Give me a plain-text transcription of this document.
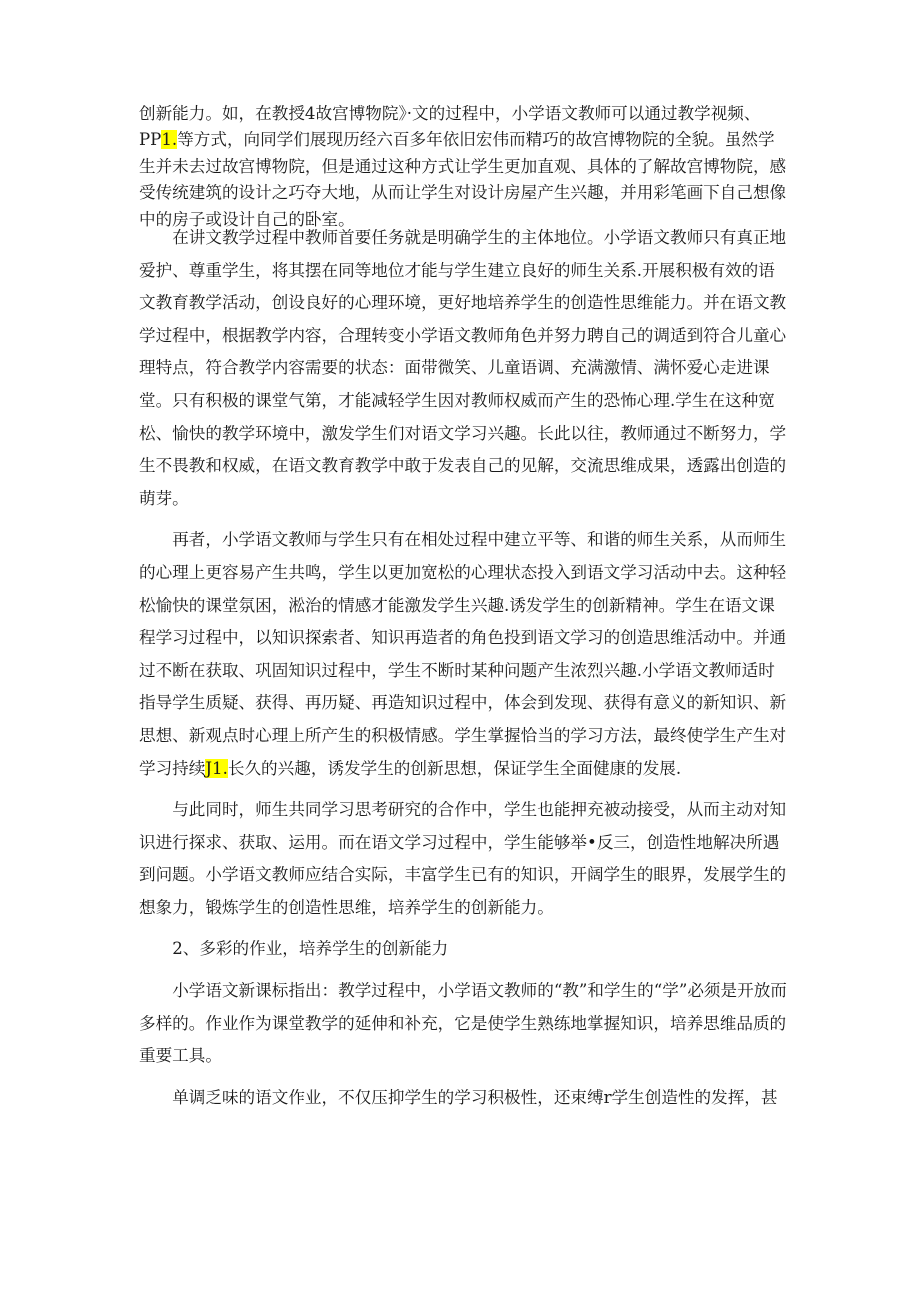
创新能力。如，在教授4故宫博物院》·文的过程中，小学语文教师可以通过教学视频、PP1.等方式，向同学们展现历经六百多年依旧宏伟而精巧的故宫博物院的全貌。虽然学生并未去过故宫博物院，但是通过这种方式让学生更加直观、具体的了解故宫博物院，感受传统建筑的设计之巧夺大地，从而让学生对设计房屋产生兴趣，并用彩笔画下自己想像中的房子或设计自己的卧室。

在讲文教学过程中教师首要任务就是明确学生的主体地位。小学语文教师只有真正地爱护、尊重学生，将其摆在同等地位才能与学生建立良好的师生关系.开展积极有效的语文教育教学活动，创设良好的心理环境，更好地培养学生的创造性思维能力。并在语文教学过程中，根据教学内容，合理转变小学语文教师角色并努力聘自己的调适到符合儿童心理特点，符合教学内容需要的状态：面带微笑、儿童语调、充满激情、满怀爱心走进课堂。只有积极的课堂气第，才能减轻学生因对教师权威而产生的恐怖心理.学生在这种宽松、愉快的教学环境中，激发学生们对语文学习兴趣。长此以往，教师通过不断努力，学生不畏教和权威，在语文教育教学中敢于发表自己的见解，交流思维成果，透露出创造的萌芽。

再者，小学语文教师与学生只有在相处过程中建立平等、和谐的师生关系，从而师生的心理上更容易产生共鸣，学生以更加宽松的心理状态投入到语文学习活动中去。这种轻松愉快的课堂氛困，淞治的情感才能激发学生兴趣.诱发学生的创新精神。学生在语文课程学习过程中，以知识探索者、知识再造者的角色投到语文学习的创造思维活动中。并通过不断在获取、巩固知识过程中，学生不断时某种问题产生浓烈兴趣.小学语文教师适时指导学生质疑、获得、再历疑、再造知识过程中，体会到发现、获得有意义的新知识、新思想、新观点时心理上所产生的积极情感。学生掌握恰当的学习方法，最终使学生产生对学习持续J1.长久的兴趣，诱发学生的创新思想，保证学生全面健康的发展.

与此同时，师生共同学习思考研究的合作中，学生也能押充被动接受，从而主动对知识进行探求、获取、运用。而在语文学习过程中，学生能够举•反三，创造性地解决所遇到问题。小学语文教师应结合实际，丰富学生已有的知识，开阔学生的眼界，发展学生的想象力，锻炼学生的创造性思维，培养学生的创新能力。

2、多彩的作业，培养学生的创新能力

小学语文新课标指出：教学过程中，小学语文教师的“教”和学生的“学”必须是开放而多样的。作业作为课堂教学的延伸和补充，它是使学生熟练地掌握知识，培养思维品质的重要工具。

单调乏味的语文作业，不仅压抑学生的学习积极性，还束缚r学生创造性的发挥，甚
